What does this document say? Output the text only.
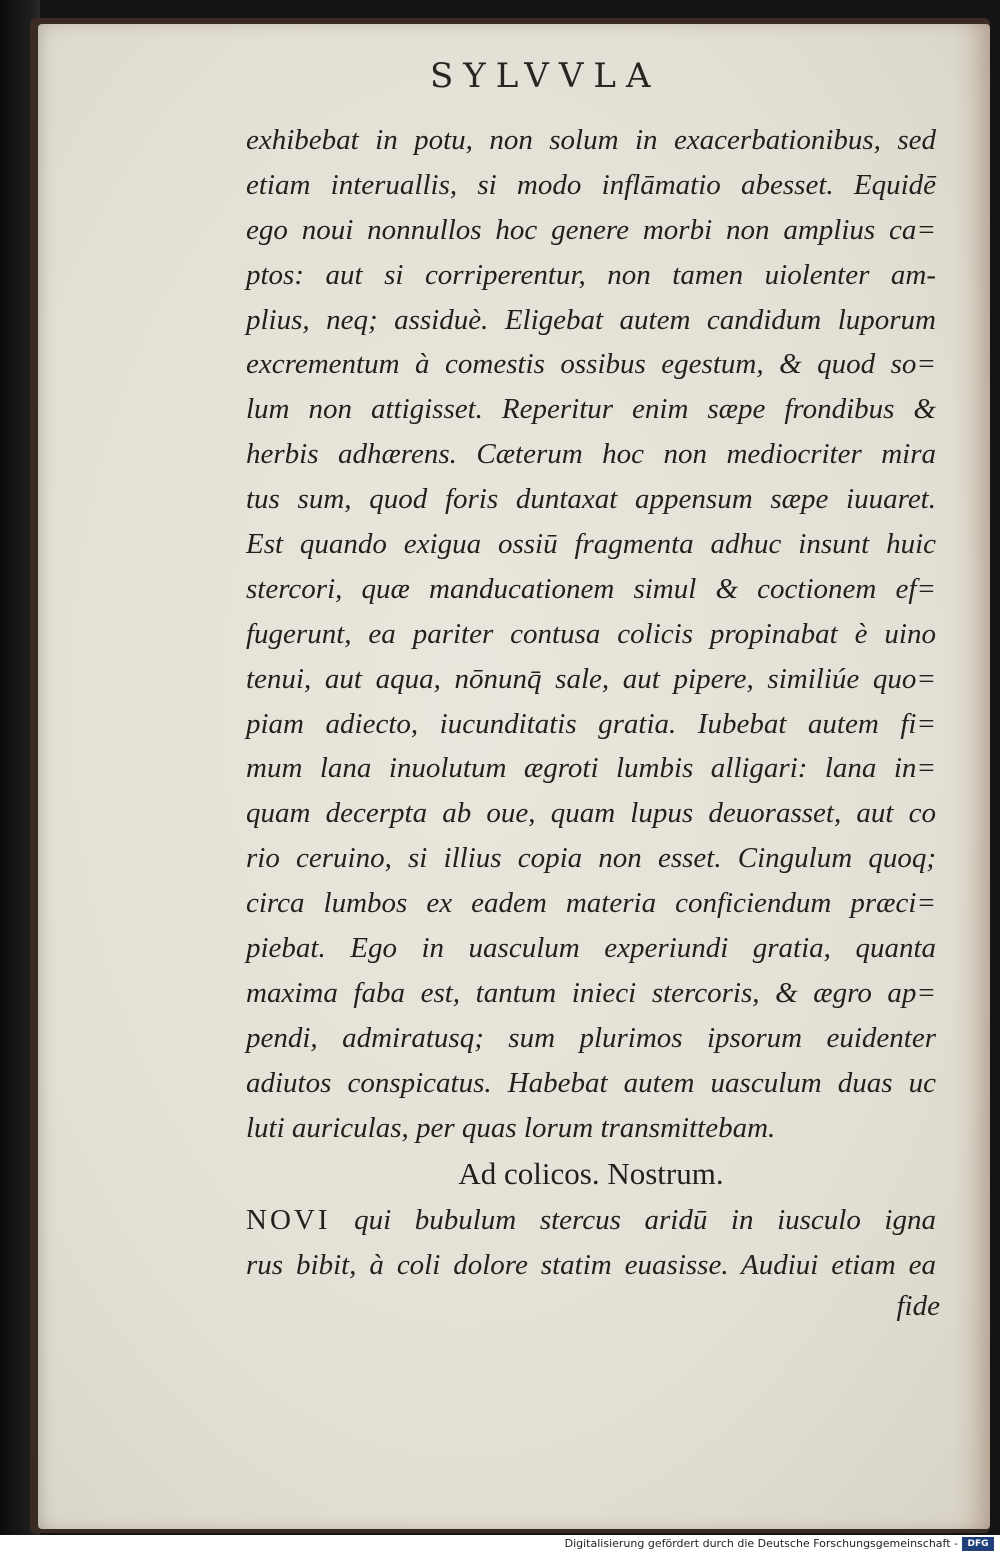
SYLVVLA
exhibebat in potu, non solum in exacerbationibus, sed
etiam interuallis, si modo inflāmatio abesset. Equidē
ego noui nonnullos hoc genere morbi non amplius ca=
ptos: aut si corriperentur, non tamen uiolenter am-
plius, neq; assiduè. Eligebat autem candidum luporum
excrementum à comestis ossibus egestum, & quod so=
lum non attigisset. Reperitur enim sæpe frondibus &
herbis adhærens. Cæterum hoc non mediocriter mira
tus sum, quod foris duntaxat appensum sæpe iuuaret.
Est quando exigua ossiū fragmenta adhuc insunt huic
stercori, quæ manducationem simul & coctionem ef=
fugerunt, ea pariter contusa colicis propinabat è uino
tenui, aut aqua, nōnunq̄ sale, aut pipere, similiúe quo=
piam adiecto, iucunditatis gratia. Iubebat autem fi=
mum lana inuolutum ægroti lumbis alligari: lana in=
quam decerpta ab oue, quam lupus deuorasset, aut co
rio ceruino, si illius copia non esset. Cingulum quoq;
circa lumbos ex eadem materia conficiendum præci=
piebat. Ego in uasculum experiundi gratia, quanta
maxima faba est, tantum inieci stercoris, & ægro ap=
pendi, admiratusq; sum plurimos ipsorum euidenter
adiutos conspicatus. Habebat autem uasculum duas uc
luti auriculas, per quas lorum transmittebam.
Ad colicos. Nostrum.
NOVI qui bubulum stercus aridū in iusculo igna
rus bibit, à coli dolore statim euasisse. Audiui etiam ea
fide
Digitalisierung gefördert durch die Deutsche Forschungsgemeinschaft -	DFG
